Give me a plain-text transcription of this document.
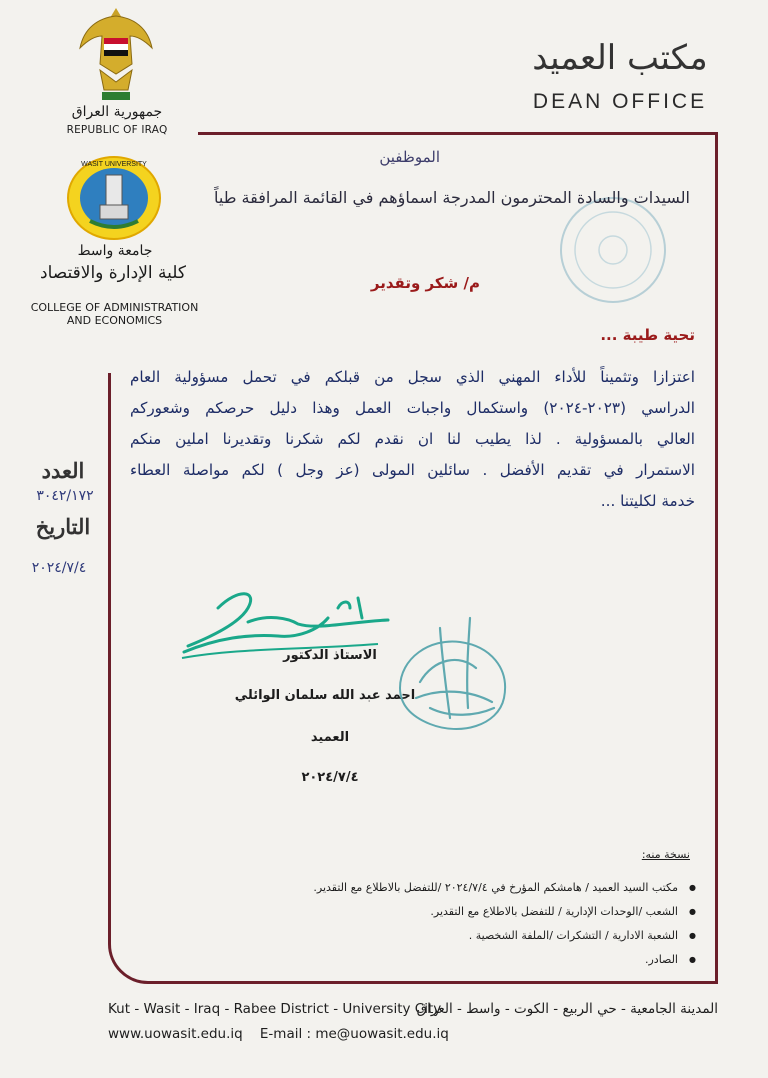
جمهورية العراق
REPUBLIC OF IRAQ
WASIT UNIVERSITY
جامعة واسط
كلية الإدارة والاقتصاد
COLLEGE OF ADMINISTRATION
AND ECONOMICS
مكتب العميد
DEAN OFFICE
الموظفين
السيدات والسادة المحترمون المدرجة اسماؤهم في القائمة المرافقة طياً
م/ شكر وتقدير
تحية طيبة ...
اعتزازا وتثميناً للأداء المهني الذي سجل من قبلكم في تحمل مسؤولية العام
الدراسي (٢٠٢٣-٢٠٢٤) واستكمال واجبات العمل وهذا دليل حرصكم وشعوركم
العالي بالمسؤولية . لذا يطيب لنا ان نقدم لكم شكرنا وتقديرنا املين منكم
الاستمرار في تقديم الأفضل . سائلين المولى (عز وجل ) لكم مواصلة العطاء
خدمة لكليتنا ...
العدد
٣٠٤٢/١٧٢
التاريخ
٢٠٢٤/٧/٤
الاستاذ الدكتور
احمد عبد الله سلمان الوائلي
العميد
٢٠٢٤/٧/٤
نسخة منه:
مكتب السيد العميد / هامشكم المؤرخ في ٢٠٢٤/٧/٤ /للتفضل بالاطلاع مع التقدير. ●
الشعب /الوحدات الإدارية / للتفضل بالاطلاع مع التقدير. ●
الشعبة الادارية / التشكرات /الملفة الشخصية . ●
الصادر. ●
Kut - Wasit - Iraq - Rabee District - University City
المدينة الجامعية - حي الربيع - الكوت - واسط - العراق
www.uowasit.edu.iq E-mail : me@uowasit.edu.iq
